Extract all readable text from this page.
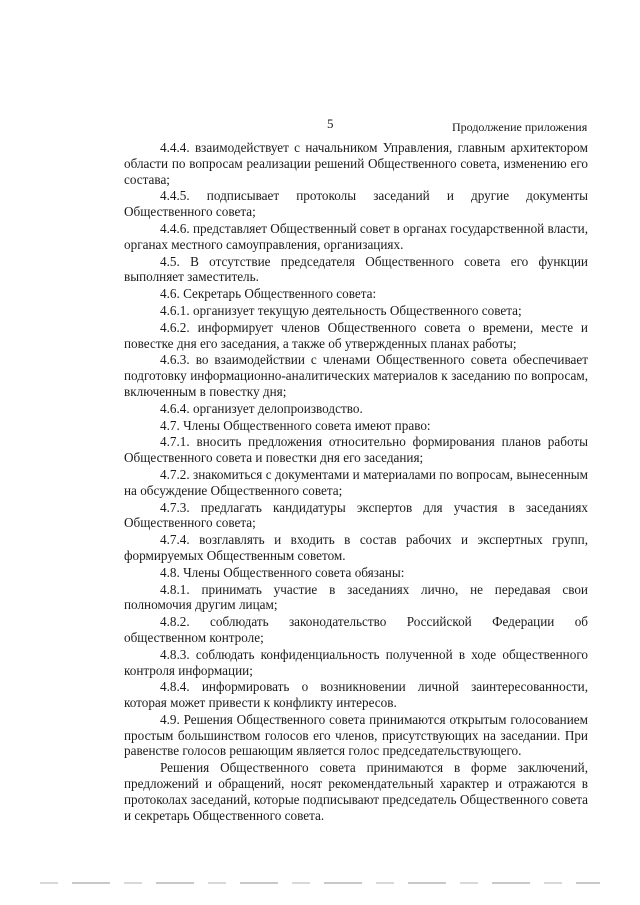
5	Продолжение приложения

4.4.4. взаимодействует с начальником Управления, главным архитектором области по вопросам реализации решений Общественного совета, изменению его состава;

4.4.5. подписывает протоколы заседаний и другие документы Общественного совета;

4.4.6. представляет Общественный совет в органах государственной власти, органах местного самоуправления, организациях.

4.5. В отсутствие председателя Общественного совета его функции выполняет заместитель.

4.6. Секретарь Общественного совета:

4.6.1. организует текущую деятельность Общественного совета;

4.6.2. информирует членов Общественного совета о времени, месте и повестке дня его заседания, а также об утвержденных планах работы;

4.6.3. во взаимодействии с членами Общественного совета обеспечивает подготовку информационно-аналитических материалов к заседанию по вопросам, включенным в повестку дня;

4.6.4. организует делопроизводство.

4.7. Члены Общественного совета имеют право:

4.7.1. вносить предложения относительно формирования планов работы Общественного совета и повестки дня его заседания;

4.7.2. знакомиться с документами и материалами по вопросам, вынесенным на обсуждение Общественного совета;

4.7.3. предлагать кандидатуры экспертов для участия в заседаниях Общественного совета;

4.7.4. возглавлять и входить в состав рабочих и экспертных групп, формируемых Общественным советом.

4.8. Члены Общественного совета обязаны:

4.8.1. принимать участие в заседаниях лично, не передавая свои полномочия другим лицам;

4.8.2. соблюдать законодательство Российской Федерации об общественном контроле;

4.8.3. соблюдать конфиденциальность полученной в ходе общественного контроля информации;

4.8.4. информировать о возникновении личной заинтересованности, которая может привести к конфликту интересов.

4.9. Решения Общественного совета принимаются открытым голосованием простым большинством голосов его членов, присутствующих на заседании. При равенстве голосов решающим является голос председательствующего.

Решения Общественного совета принимаются в форме заключений, предложений и обращений, носят рекомендательный характер и отражаются в протоколах заседаний, которые подписывают председатель Общественного совета и секретарь Общественного совета.
